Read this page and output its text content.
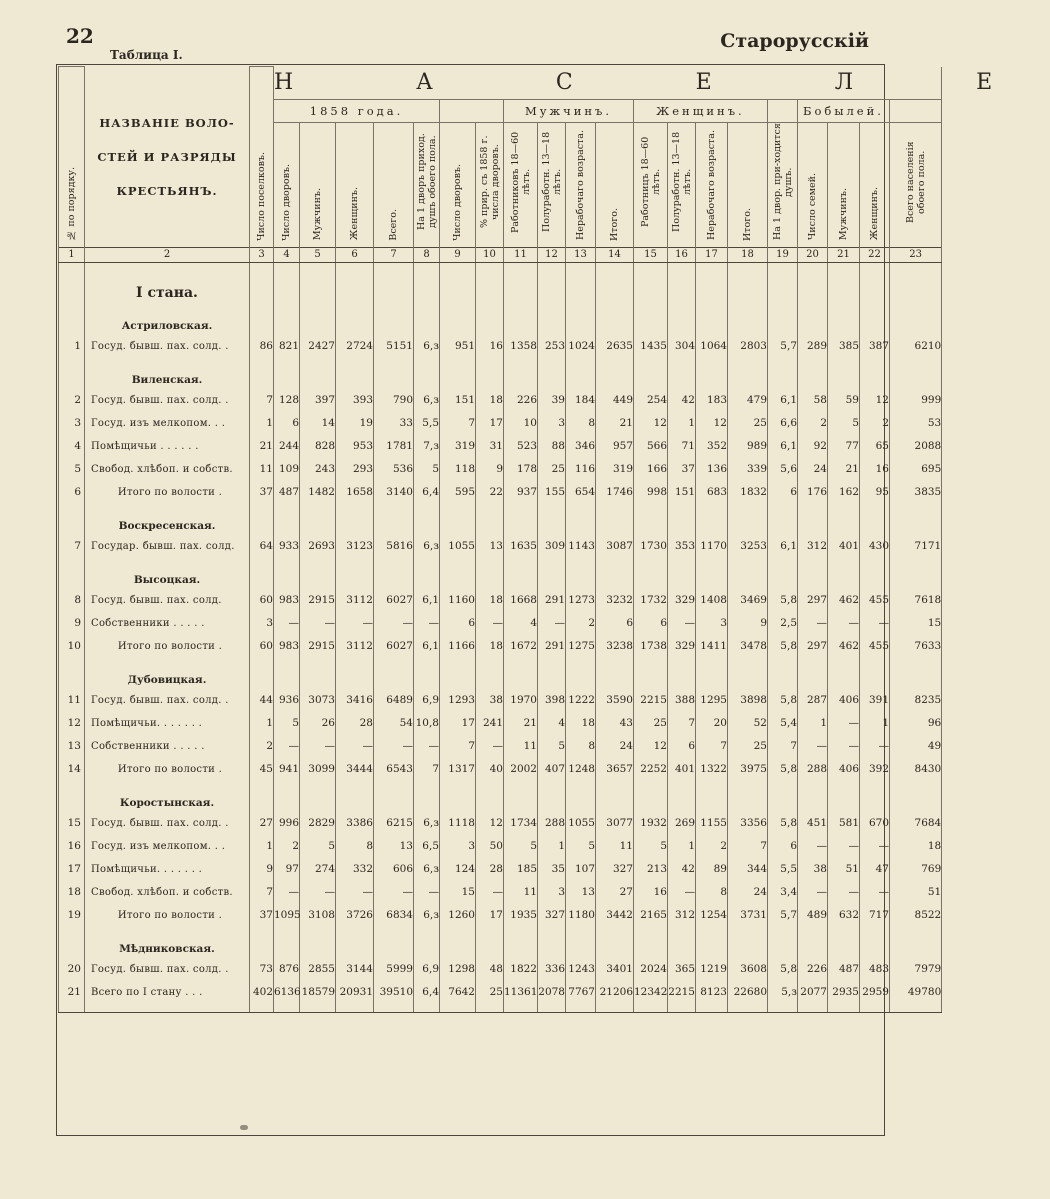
22	Старорусскій
Таблица I.
№ по порядку.	НАЗВАНІЕ ВОЛО-
СТЕЙ И РАЗРЯДЫ
КРЕСТЬЯНЪ.	Число поселковъ.	Н А С Е Л Е																			
			1858 года.							Мужчинъ.				Женщинъ.					Бобылей.			
			Число дворовъ.	Мужчинъ.	Женщинъ.	Всего.	На 1 дворъ приход. душъ обоего пола.	Число дворовъ.	% прир. съ 1858 г. числа дворовъ.	Работниковъ 18—60 лѣтъ.	Полуработн. 13—18 лѣтъ.	Нерабочаго возраста.	Итого.	Работницъ 18—60 лѣтъ.	Полуработн. 13—18 лѣтъ.	Нерабочаго возраста.	Итого.	На 1 двор. при-ходится душъ.	Число семей.	Мужчинъ.	Женщинъ.	Всего населенія обоего пола.
1	2	3	4	5	6	7	8	9	10	11	12	13	14	15	16	17	18	19	20	21	22	23
	I стана.																					
	Астриловская.																					
1	Госуд. бывш. пах. солд. .	86	821	2427	2724	5151	6,з	951	16	1358	253	1024	2635	1435	304	1064	2803	5,7	289	385	387	6210
	Виленская.																					
2	Госуд. бывш. пах. солд. .	7	128	397	393	790	6,з	151	18	226	39	184	449	254	42	183	479	6,1	58	59	12	999
3	Госуд. изъ мелкопом. . .	1	6	14	19	33	5,5	7	17	10	3	8	21	12	1	12	25	6,6	2	5	2	53
4	Помѣщичьи . . . . . .	21	244	828	953	1781	7,з	319	31	523	88	346	957	566	71	352	989	6,1	92	77	65	2088
5	Свобод. хлѣбоп. и собств.	11	109	243	293	536	5	118	9	178	25	116	319	166	37	136	339	5,6	24	21	16	695
6	Итого по волости .	37	487	1482	1658	3140	6,4	595	22	937	155	654	1746	998	151	683	1832	6	176	162	95	3835
	Воскресенская.																					
7	Государ. бывш. пах. солд.	64	933	2693	3123	5816	6,з	1055	13	1635	309	1143	3087	1730	353	1170	3253	6,1	312	401	430	7171
	Высоцкая.																					
8	Госуд. бывш. пах. солд.	60	983	2915	3112	6027	6,1	1160	18	1668	291	1273	3232	1732	329	1408	3469	5,8	297	462	455	7618
9	Собственники . . . . .	3	—	—	—	—	—	6	—	4	—	2	6	6	—	3	9	2,5	—	—	—	15
10	Итого по волости .	60	983	2915	3112	6027	6,1	1166	18	1672	291	1275	3238	1738	329	1411	3478	5,8	297	462	455	7633
	Дубовицкая.																					
11	Госуд. бывш. пах. солд. .	44	936	3073	3416	6489	6,9	1293	38	1970	398	1222	3590	2215	388	1295	3898	5,8	287	406	391	8235
12	Помѣщичьи. . . . . . .	1	5	26	28	54	10,8	17	241	21	4	18	43	25	7	20	52	5,4	1	—	1	96
13	Собственники . . . . .	2	—	—	—	—	—	7	—	11	5	8	24	12	6	7	25	7	—	—	—	49
14	Итого по волости .	45	941	3099	3444	6543	7	1317	40	2002	407	1248	3657	2252	401	1322	3975	5,8	288	406	392	8430
	Коростынская.																					
15	Госуд. бывш. пах. солд. .	27	996	2829	3386	6215	6,з	1118	12	1734	288	1055	3077	1932	269	1155	3356	5,8	451	581	670	7684
16	Госуд. изъ мелкопом. . .	1	2	5	8	13	6,5	3	50	5	1	5	11	5	1	2	7	6	—	—	—	18
17	Помѣщичьи. . . . . . .	9	97	274	332	606	6,з	124	28	185	35	107	327	213	42	89	344	5,5	38	51	47	769
18	Свобод. хлѣбоп. и собств.	7	—	—	—	—	—	15	—	11	3	13	27	16	—	8	24	3,4	—	—	—	51
19	Итого по волости .	37	1095	3108	3726	6834	6,з	1260	17	1935	327	1180	3442	2165	312	1254	3731	5,7	489	632	717	8522
	Мѣдниковская.																					
20	Госуд. бывш. пах. солд. .	73	876	2855	3144	5999	6,9	1298	48	1822	336	1243	3401	2024	365	1219	3608	5,8	226	487	483	7979
21	Всего по I стану . . .	402	6136	18579	20931	39510	6,4	7642	25	11361	2078	7767	21206	12342	2215	8123	22680	5,з	2077	2935	2959	49780
